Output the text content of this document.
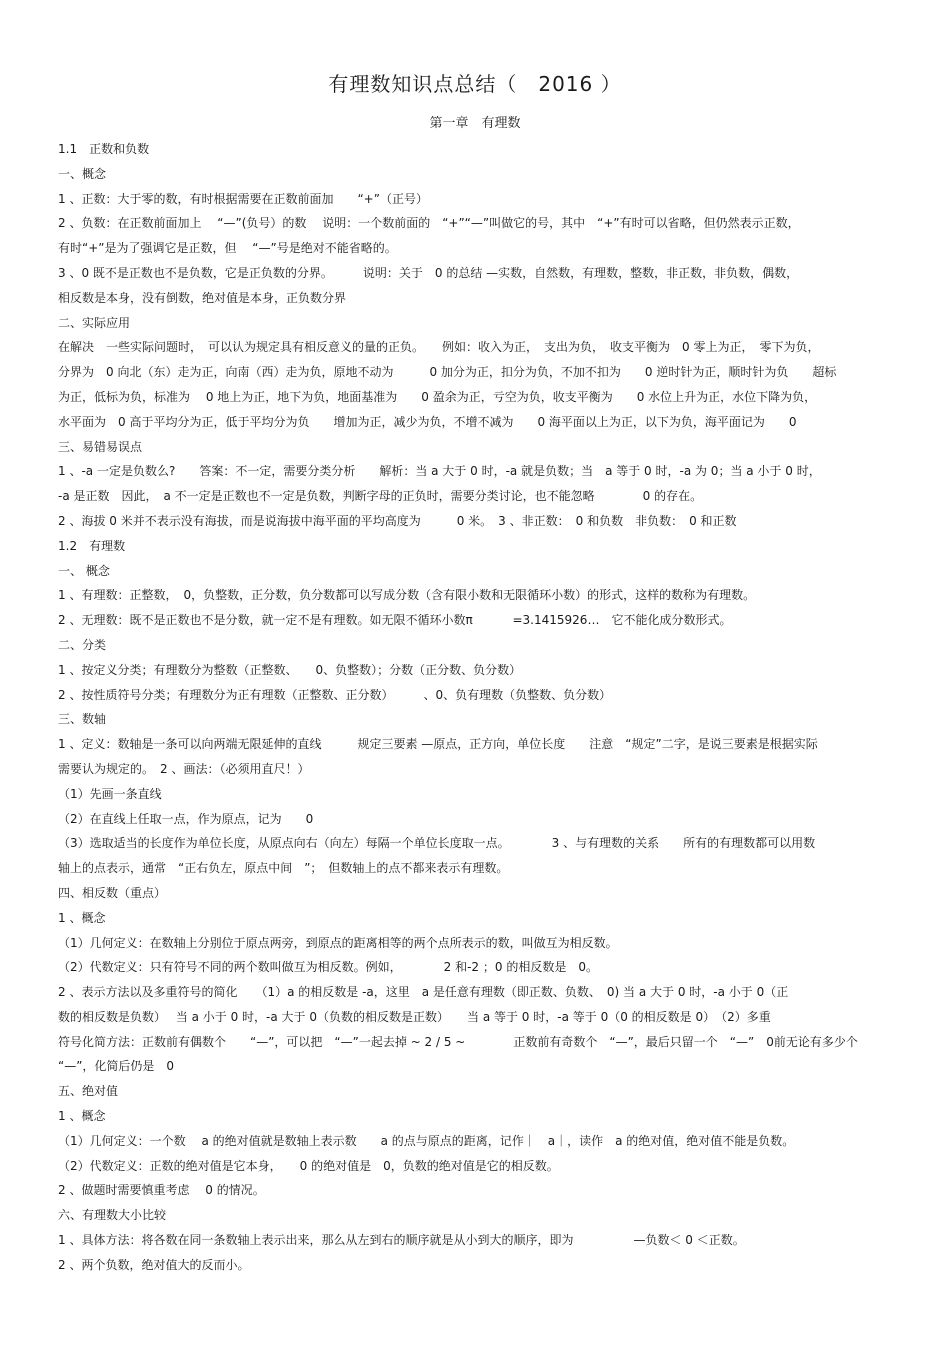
有理数知识点总结（　2016 ）
第一章　有理数
1.1　正数和负数
一、概念
1 、正数：大于零的数，有时根据需要在正数前面加　　“+”（正号）
2 、负数：在正数前面加上　 “—”(负号）的数　 说明：一个数前面的　“+”“—”叫做它的号，其中　“+”有时可以省略，但仍然表示正数，
有时“+”是为了强调它是正数，但　 “—”号是绝对不能省略的。
3 、0 既不是正数也不是负数，它是正负数的分界。　　　说明：关于　0 的总结 —实数，自然数，有理数，整数，非正数，非负数，偶数，
相反数是本身，没有倒数，绝对值是本身，正负数分界
二、实际应用
在解决　一些实际问题时，　可以认为规定具有相反意义的量的正负。　　例如：收入为正，　支出为负，　收支平衡为　0 零上为正，　零下为负，
分界为　0 向北（东）走为正，向南（西）走为负，原地不动为　　　0 加分为正，扣分为负，不加不扣为　　0 逆时针为正，顺时针为负　　超标
为正，低标为负，标准为　 0 地上为正，地下为负，地面基准为　　0 盈余为正，亏空为负，收支平衡为　　0 水位上升为正，水位下降为负，
水平面为　0 高于平均分为正，低于平均分为负　　增加为正，减少为负，不增不减为　　0 海平面以上为正，以下为负，海平面记为　　0
三、易错易误点
1 、-a 一定是负数么?　　答案：不一定，需要分类分析　　解析：当 a 大于 0 时，-a 就是负数；当　a 等于 0 时，-a 为 0；当 a 小于 0 时，
-a 是正数　因此，　a 不一定是正数也不一定是负数，判断字母的正负时，需要分类讨论，也不能忽略　　　　0 的存在。
2 、海拔 0 米并不表示没有海拔，而是说海拔中海平面的平均高度为　　　0 米。　3 、非正数：　0 和负数　非负数：　0 和正数
1.2　有理数
一、 概念
1 、有理数：正整数，　0，负整数，正分数，负分数都可以写成分数（含有限小数和无限循环小数）的形式，这样的数称为有理数。
2 、无理数：既不是正数也不是分数，就一定不是有理数。如无限不循环小数π　　　 =3.1415926…　它不能化成分数形式。
二、分类
1 、按定义分类；有理数分为整数（正整数、　　0、负整数）；分数（正分数、负分数）
2 、按性质符号分类；有理数分为正有理数（正整数、正分数）　　　、0、负有理数（负整数、负分数）
三、数轴
1 、定义：数轴是一条可以向两端无限延伸的直线　　　规定三要素 —原点，正方向，单位长度　　注意　“规定”二字，是说三要素是根据实际
需要认为规定的。　2 、画法：（必须用直尺！）
（1）先画一条直线
（2）在直线上任取一点，作为原点，记为　　0
（3）选取适当的长度作为单位长度，从原点向右（向左）每隔一个单位长度取一点。　　　　3 、与有理数的关系　　所有的有理数都可以用数
轴上的点表示，通常　“正右负左，原点中间　”；　但数轴上的点不都来表示有理数。
四、相反数（重点）
1 、概念
（1）几何定义：在数轴上分别位于原点两旁，到原点的距离相等的两个点所表示的数，叫做互为相反数。
（2）代数定义：只有符号不同的两个数叫做互为相反数。例如，　　　　2 和-2 ；0 的相反数是　0。
2 、表示方法以及多重符号的简化　　（1）a 的相反数是 -a，这里　a 是任意有理数（即正数、负数、　0) 当 a 大于 0 时，-a 小于 0（正
数的相反数是负数）　 当 a 小于 0 时，-a 大于 0（负数的相反数是正数）　　当 a 等于 0 时，-a 等于 0（0 的相反数是 0）　（2）多重
符号化简方法：正数前有偶数个　　“—”，可以把　“—”一起去掉 ~ 2 / 5 ~　　　　正数前有奇数个　“—”，最后只留一个　“—”　0前无论有多少个
“—”，化简后仍是　0
五、绝对值
1 、概念
（1）几何定义：一个数　 a 的绝对值就是数轴上表示数　　a 的点与原点的距离，记作｜　a｜，读作　a 的绝对值，绝对值不能是负数。
（2）代数定义：正数的绝对值是它本身，　　0 的绝对值是　0，负数的绝对值是它的相反数。
2 、做题时需要慎重考虑　 0 的情况。
六、有理数大小比较
1 、具体方法：将各数在同一条数轴上表示出来，那么从左到右的顺序就是从小到大的顺序，即为　　　　　—负数＜ 0 ＜正数。
2 、两个负数，绝对值大的反而小。
